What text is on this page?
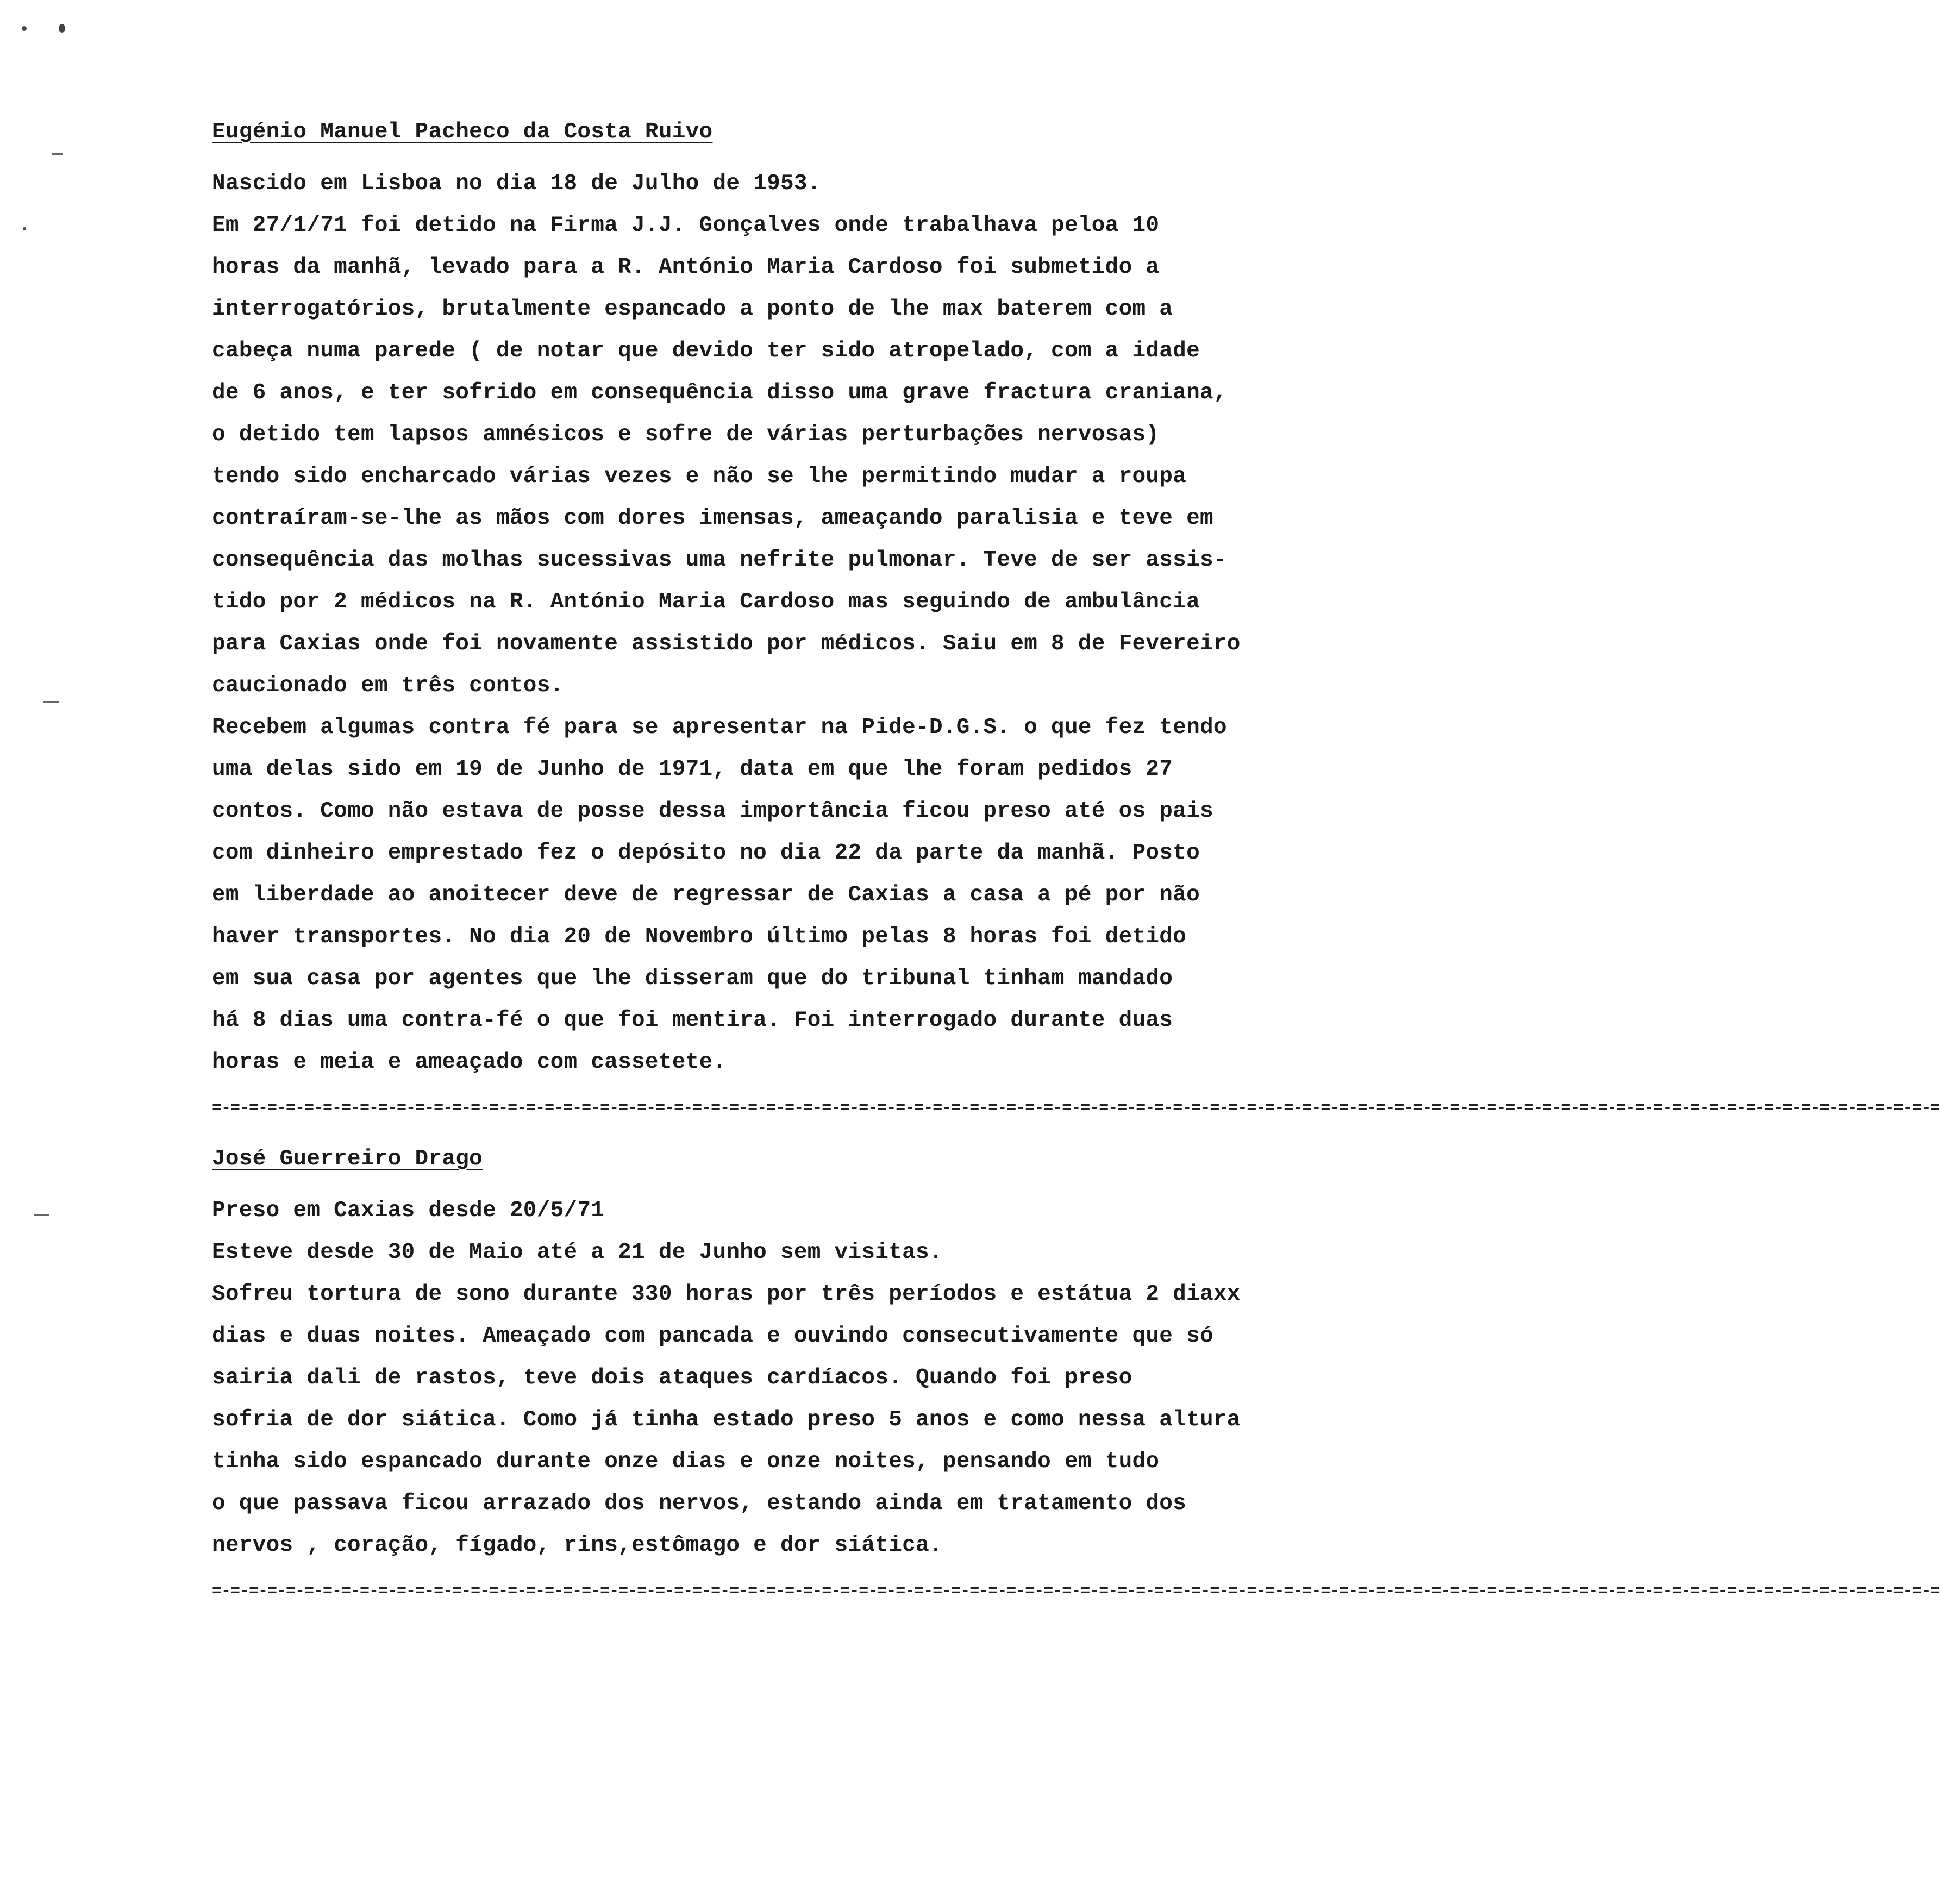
Eugénio Manuel Pacheco da Costa Ruivo
Nascido em Lisboa no dia 18 de Julho de 1953.
Em 27/1/71 foi detido na Firma J.J. Gonçalves onde trabalhava peloa 10
horas da manhã, levado para a R. António Maria Cardoso foi submetido a
interrogatórios, brutalmente espancado a ponto de lhe max baterem com a
cabeça numa parede ( de notar que devido ter sido atropelado, com a idade
de 6 anos, e ter sofrido em consequência disso uma grave fractura craniana,
o detido tem lapsos amnésicos e sofre de várias perturbações nervosas)
tendo sido encharcado várias vezes e não se lhe permitindo mudar a roupa
contraíram-se-lhe as mãos com dores imensas, ameaçando paralisia e teve em
consequência das molhas sucessivas uma nefrite pulmonar. Teve de ser assis-
tido por 2 médicos na R. António Maria Cardoso mas seguindo de ambulância
para Caxias onde foi novamente assistido por médicos. Saiu em 8 de Fevereiro
caucionado em três contos.
Recebem algumas contra fé para se apresentar na Pide-D.G.S. o que fez tendo
uma delas sido em 19 de Junho de 1971, data em que lhe foram pedidos 27
contos. Como não estava de posse dessa importância ficou preso até os pais
com dinheiro emprestado fez o depósito no dia 22 da parte da manhã. Posto
em liberdade ao anoitecer deve de regressar de Caxias a casa a pé por não
haver transportes. No dia 20 de Novembro último pelas 8 horas foi detido
em sua casa por agentes que lhe disseram que do tribunal tinham mandado
há 8 dias uma contra-fé o que foi mentira. Foi interrogado durante duas
horas e meia e ameaçado com cassetete.
=-=-=-=-=-=-=-=-=-=-=-=-=-=-=-=-=-=-=-=-=-=-=-=-=-=-=-=-=-=-=-=-=-=-=-=-=-=-=-=-=-=-=-=-=-=-=-=-=-=-=-=-=-=-=-=-=-=-=-=-=-=-=-=-=-=-=-=-=-=-=-=-=-=-=-=-=-=-=-=-=-=-=-=-=-=-=-=-=-=-=-=-=-=
José Guerreiro Drago
Preso em Caxias desde 20/5/71
Esteve desde 30 de Maio até a 21 de Junho sem visitas.
Sofreu tortura de sono durante 330 horas por três períodos e estátua 2 diaxx
dias e duas noites. Ameaçado com pancada e ouvindo consecutivamente que só
sairia dali de rastos, teve dois ataques cardíacos. Quando foi preso
sofria de dor siática. Como já tinha estado preso 5 anos e como nessa altura
tinha sido espancado durante onze dias e onze noites, pensando em tudo
o que passava ficou arrazado dos nervos, estando ainda em tratamento dos
nervos , coração, fígado, rins,estômago e dor siática.
=-=-=-=-=-=-=-=-=-=-=-=-=-=-=-=-=-=-=-=-=-=-=-=-=-=-=-=-=-=-=-=-=-=-=-=-=-=-=-=-=-=-=-=-=-=-=-=-=-=-=-=-=-=-=-=-=-=-=-=-=-=-=-=-=-=-=-=-=-=-=-=-=-=-=-=-=-=-=-=-=-=-=-=-=-=-=-=-=-=-=-=-=-=
